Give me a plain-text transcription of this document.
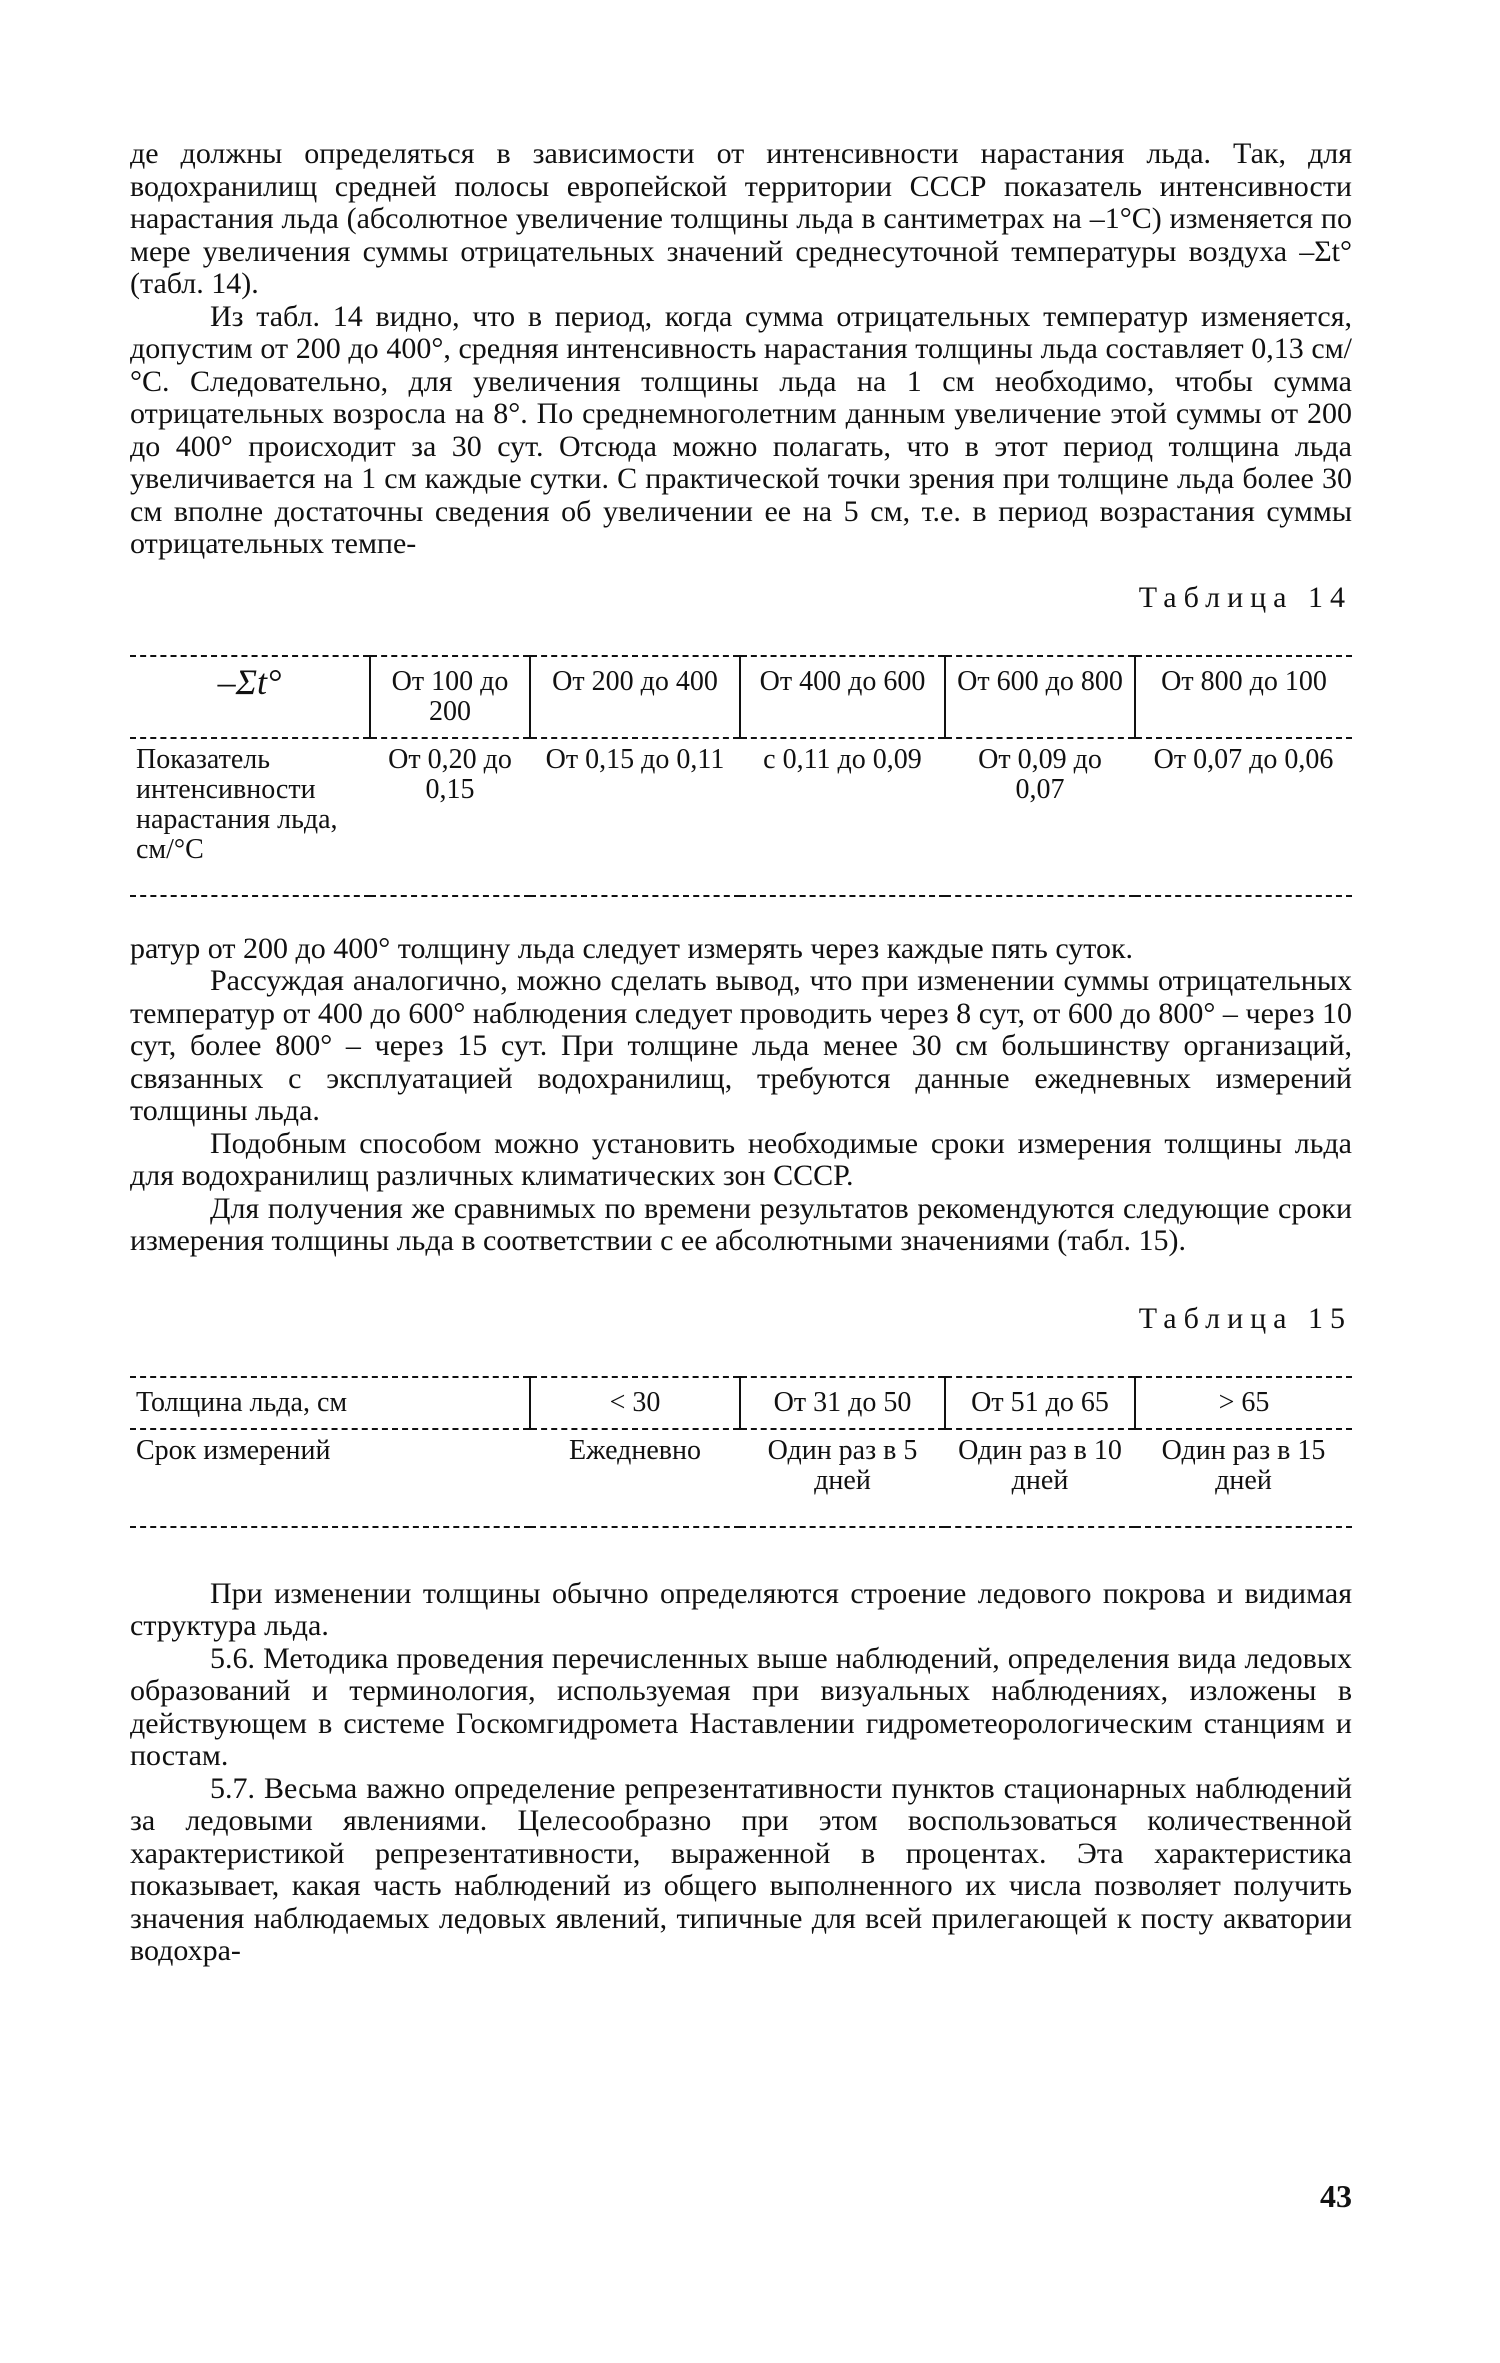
де должны определяться в зависимости от интенсивности нарастания льда. Так, для водохранилищ средней полосы европейской территории СССР показатель интенсивности нарастания льда (абсолютное увеличение толщины льда в сантиметрах на –1°С) изменяется по мере увеличения суммы отрицательных значений среднесуточной температуры воздуха –Σt° (табл. 14).

Из табл. 14 видно, что в период, когда сумма отрицательных температур изменяется, допустим от 200 до 400°, средняя интенсивность нарастания толщины льда составляет 0,13 см/°С. Следовательно, для увеличения толщины льда на 1 см необходимо, чтобы сумма отрицательных возросла на 8°. По среднемноголетним данным увеличение этой суммы от 200 до 400° происходит за 30 сут. Отсюда можно полагать, что в этот период толщина льда увеличивается на 1 см каждые сутки. С практической точки зрения при толщине льда более 30 см вполне достаточны сведения об увеличении ее на 5 см, т.е. в период возрастания суммы отрицательных темпе-

Таблица 14

–Σt°	От 100 до 200	От 200 до 400	От 400 до 600	От 600 до 800	От 800 до 100
Показатель интенсивности нарастания льда, см/°С	От 0,20 до 0,15	От 0,15 до 0,11	с 0,11 до 0,09	От 0,09 до 0,07	От 0,07 до 0,06

ратур от 200 до 400° толщину льда следует измерять через каждые пять суток.

Рассуждая аналогично, можно сделать вывод, что при изменении суммы отрицательных температур от 400 до 600° наблюдения следует проводить через 8 сут, от 600 до 800° – через 10 сут, более 800° – через 15 сут. При толщине льда менее 30 см большинству организаций, связанных с эксплуатацией водохранилищ, требуются данные ежедневных измерений толщины льда.

Подобным способом можно установить необходимые сроки измерения толщины льда для водохранилищ различных климатических зон СССР.

Для получения же сравнимых по времени результатов рекомендуются следующие сроки измерения толщины льда в соответствии с ее абсолютными значениями (табл. 15).

Таблица 15

Толщина льда, см	< 30	От 31 до 50	От 51 до 65	> 65
Срок измерений	Ежедневно	Один раз в 5 дней	Один раз в 10 дней	Один раз в 15 дней

При изменении толщины обычно определяются строение ледового покрова и видимая структура льда.

5.6. Методика проведения перечисленных выше наблюдений, определения вида ледовых образований и терминология, используемая при визуальных наблюдениях, изложены в действующем в системе Госкомгидромета Наставлении гидрометеорологическим станциям и постам.

5.7. Весьма важно определение репрезентативности пунктов стационарных наблюдений за ледовыми явлениями. Целесообразно при этом воспользоваться количественной характеристикой репрезентативности, выраженной в процентах. Эта характеристика показывает, какая часть наблюдений из общего выполненного их числа позволяет получить значения наблюдаемых ледовых явлений, типичные для всей прилегающей к посту акватории водохра-

43
